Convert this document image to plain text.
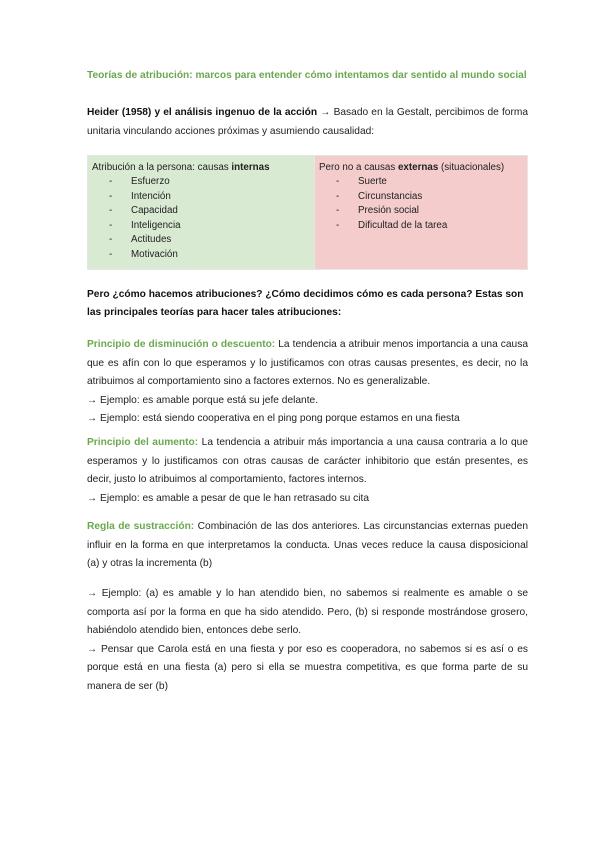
Teorías de atribución: marcos para entender cómo intentamos dar sentido al mundo social
Heider (1958) y el análisis ingenuo de la acción → Basado en la Gestalt, percibimos de forma unitaria vinculando acciones próximas y asumiendo causalidad:
Atribución a la persona: causas internas
- Esfuerzo
- Intención
- Capacidad
- Inteligencia
- Actitudes
- Motivación

Pero no a causas externas (situacionales)
- Suerte
- Circunstancias
- Presión social
- Dificultad de la tarea
Pero ¿cómo hacemos atribuciones? ¿Cómo decidimos cómo es cada persona? Estas son las principales teorías para hacer tales atribuciones:
Principio de disminución o descuento: La tendencia a atribuir menos importancia a una causa que es afín con lo que esperamos y lo justificamos con otras causas presentes, es decir, no la atribuimos al comportamiento sino a factores externos. No es generalizable.
→ Ejemplo: es amable porque está su jefe delante.
→ Ejemplo: está siendo cooperativa en el ping pong porque estamos en una fiesta
Principio del aumento: La tendencia a atribuir más importancia a una causa contraria a lo que esperamos y lo justificamos con otras causas de carácter inhibitorio que están presentes, es decir, justo lo atribuimos al comportamiento, factores internos.
→ Ejemplo: es amable a pesar de que le han retrasado su cita
Regla de sustracción: Combinación de las dos anteriores. Las circunstancias externas pueden influir en la forma en que interpretamos la conducta. Unas veces reduce la causa disposicional (a) y otras la incrementa (b)
→ Ejemplo: (a) es amable y lo han atendido bien, no sabemos si realmente es amable o se comporta así por la forma en que ha sido atendido. Pero, (b) si responde mostrándose grosero, habiéndolo atendido bien, entonces debe serlo.
→ Pensar que Carola está en una fiesta y por eso es cooperadora, no sabemos si es así o es porque está en una fiesta (a) pero si ella se muestra competitiva, es que forma parte de su manera de ser (b)
